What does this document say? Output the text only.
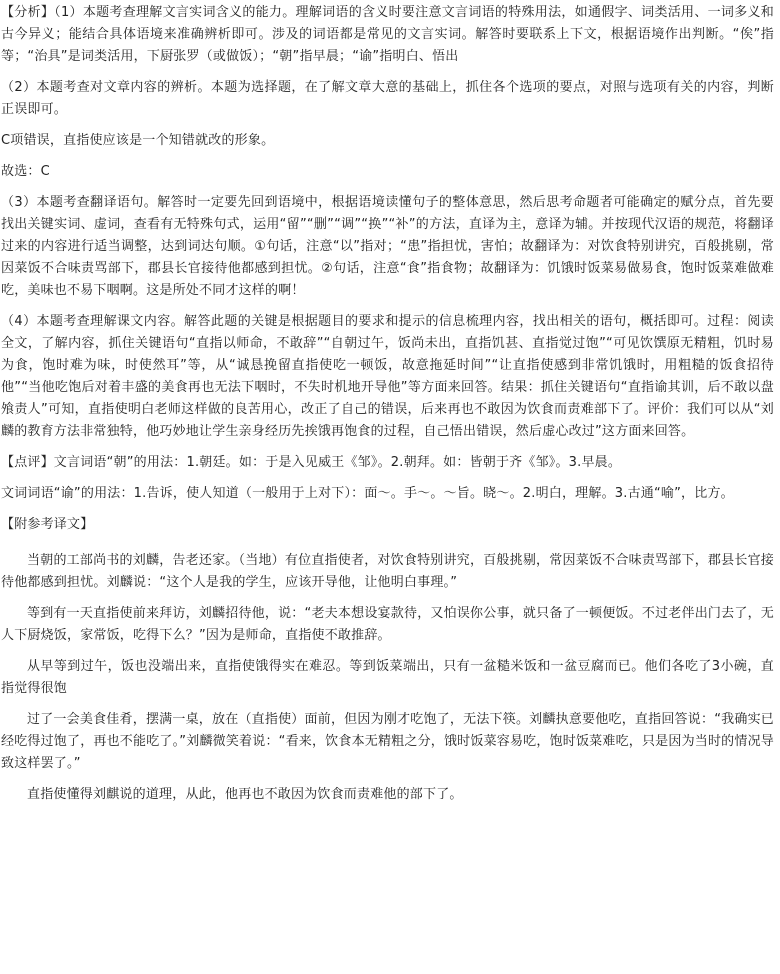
【分析】（1）本题考查理解文言实词含义的能力。理解词语的含义时要注意文言词语的特殊用法，如通假字、词类活用、一词多义和古今异义；能结合具体语境来准确辨析即可。涉及的词语都是常见的文言实词。解答时要联系上下文，根据语境作出判断。“俟”指等；“治具”是词类活用，下厨张罗（或做饭）；“朝”指早晨；“谕”指明白、悟出

（2）本题考查对文章内容的辨析。本题为选择题，在了解文章大意的基础上，抓住各个选项的要点，对照与选项有关的内容，判断正误即可。

C项错误，直指使应该是一个知错就改的形象。

故选：C

（3）本题考查翻译语句。解答时一定要先回到语境中，根据语境读懂句子的整体意思，然后思考命题者可能确定的赋分点，首先要找出关键实词、虚词，查看有无特殊句式，运用“留”“删”“调”“换”“补”的方法，直译为主，意译为辅。并按现代汉语的规范，将翻译过来的内容进行适当调整，达到词达句顺。①句话，注意“以”指对；“患”指担忧，害怕；故翻译为：对饮食特别讲究，百般挑剔，常因菜饭不合味责骂部下，郡县长官接待他都感到担忧。②句话，注意“食”指食物；故翻译为：饥饿时饭菜易做易食，饱时饭菜难做难吃，美味也不易下咽啊。这是所处不同才这样的啊！

（4）本题考查理解课文内容。解答此题的关键是根据题目的要求和提示的信息梳理内容，找出相关的语句，概括即可。过程：阅读全文，了解内容，抓住关键语句“直指以师命，不敢辞”“自朝过午，饭尚未出，直指饥甚、直指觉过饱”“可见饮馔原无精粗，饥时易为食，饱时难为味，时使然耳”等，从“诚恳挽留直指使吃一顿饭，故意拖延时间”“让直指使感到非常饥饿时，用粗糙的饭食招待他”“当他吃饱后对着丰盛的美食再也无法下咽时，不失时机地开导他”等方面来回答。结果：抓住关键语句“直指谕其训，后不敢以盘飧责人”可知，直指使明白老师这样做的良苦用心，改正了自己的错误，后来再也不敢因为饮食而责难部下了。评价：我们可以从“刘麟的教育方法非常独特，他巧妙地让学生亲身经历先挨饿再饱食的过程，自己悟出错误，然后虚心改过”这方面来回答。

【点评】文言词语“朝”的用法：1.朝廷。如：于是入见威王《邹》。2.朝拜。如：皆朝于齐《邹》。3.早晨。

文词词语“谕”的用法：1.告诉，使人知道（一般用于上对下）：面～。手～。～旨。晓～。2.明白，理解。3.古通“喻”，比方。

【附参考译文】

当朝的工部尚书的刘麟，告老还家。（当地）有位直指使者，对饮食特别讲究，百般挑剔，常因菜饭不合味责骂部下，郡县长官接待他都感到担忧。刘麟说：“这个人是我的学生，应该开导他，让他明白事理。”

等到有一天直指使前来拜访，刘麟招待他，说：“老夫本想设宴款待，又怕误你公事，就只备了一顿便饭。不过老伴出门去了，无人下厨烧饭，家常饭，吃得下么？”因为是师命，直指使不敢推辞。

从早等到过午，饭也没端出来，直指使饿得实在难忍。等到饭菜端出，只有一盆糙米饭和一盆豆腐而已。他们各吃了3小碗，直指觉得很饱

过了一会美食佳肴，摆满一桌，放在（直指使）面前，但因为刚才吃饱了，无法下筷。刘麟执意要他吃，直指回答说：“我确实已经吃得过饱了，再也不能吃了。”刘麟微笑着说：“看来，饮食本无精粗之分，饿时饭菜容易吃，饱时饭菜难吃，只是因为当时的情况导致这样罢了。”

直指使懂得刘麒说的道理，从此，他再也不敢因为饮食而责难他的部下了。
